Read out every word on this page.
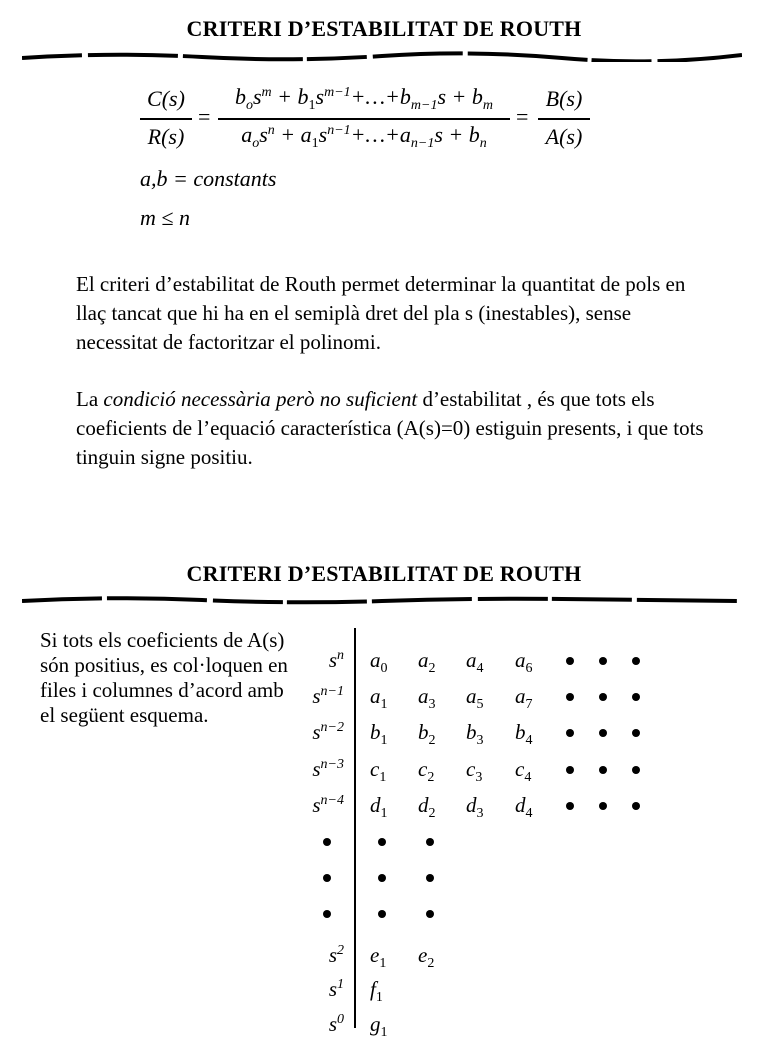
CRITERI D’ESTABILITAT DE ROUTH
C(s)
R(s)
=
$b_os^m$ + $b_1s^{m-1}+\dots+b_{m-1}s + b_m$
$a_os^n$ + $a_1s^{n-1}+\dots+a_{n-1}s + b_n$
=
B(s)
A(s)
a,b = constants
m ≤ n
El criteri d’estabilitat de Routh permet determinar la quantitat de pols en llaç tancat que hi ha en el semiplà dret del pla s (inestables), sense necessitat de factoritzar el polinomi.
La condició necessària però no suficient d’estabilitat , és que tots els coeficients de l’equació característica (A(s)=0) estiguin presents, i que tots tinguin signe positiu.
CRITERI D’ESTABILITAT DE ROUTH
Si tots els coeficients de A(s) són positius, es col·loquen en files i columnes d’acord amb el següent esquema.
$s^n$ $a_0$ $a_2$ $a_4$ $a_6$
$s^{n-1}$ $a_1$ $a_3$ $a_5$ $a_7$
$s^{n-2}$ $b_1$ $b_2$ $b_3$ $b_4$
$s^{n-3}$ $c_1$ $c_2$ $c_3$ $c_4$
$s^{n-4}$ $d_1$ $d_2$ $d_3$ $d_4$
$s^2$ $e_1$ $e_2$
$s^1$ $f_1$
$s^0$ $g_1$
